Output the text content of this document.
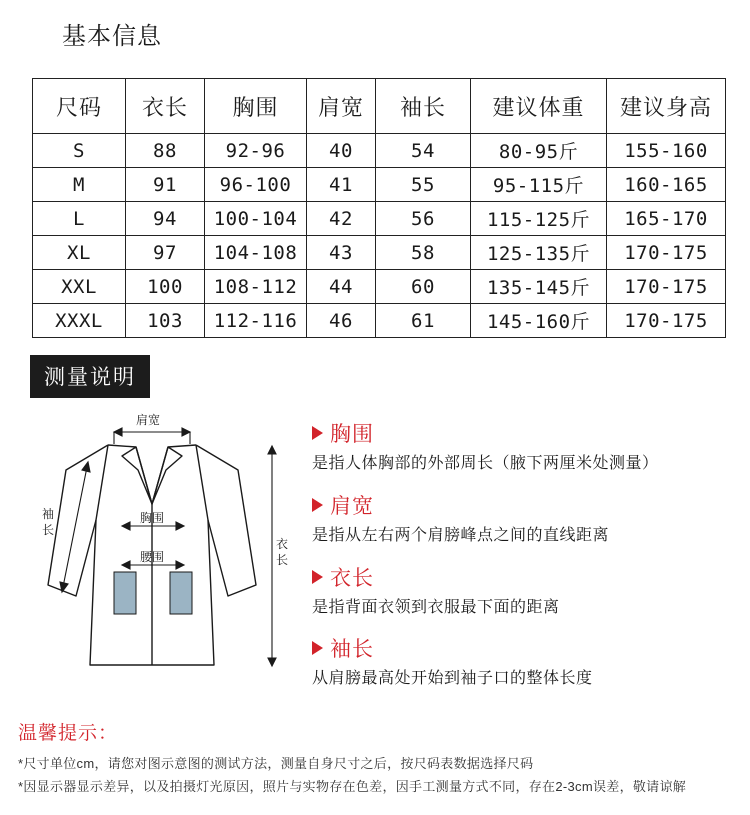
基本信息
尺码	衣长	胸围	肩宽	袖长	建议体重	建议身高
S	88	92-96	40	54	80-95斤	155-160
M	91	96-100	41	55	95-115斤	160-165
L	94	100-104	42	56	115-125斤	165-170
XL	97	104-108	43	58	125-135斤	170-175
XXL	100	108-112	44	60	135-145斤	170-175
XXXL	103	112-116	46	61	145-160斤	170-175
测量说明
肩宽
胸围
腰围
袖
长
衣
长
胸围
是指人体胸部的外部周长（腋下两厘米处测量）
肩宽
是指从左右两个肩膀峰点之间的直线距离
衣长
是指背面衣领到衣服最下面的距离
袖长
从肩膀最高处开始到袖子口的整体长度
温馨提示：
*尺寸单位cm，请您对图示意图的测试方法，测量自身尺寸之后，按尺码表数据选择尺码
*因显示器显示差异，以及拍摄灯光原因，照片与实物存在色差，因手工测量方式不同，存在2-3cm误差，敬请谅解
